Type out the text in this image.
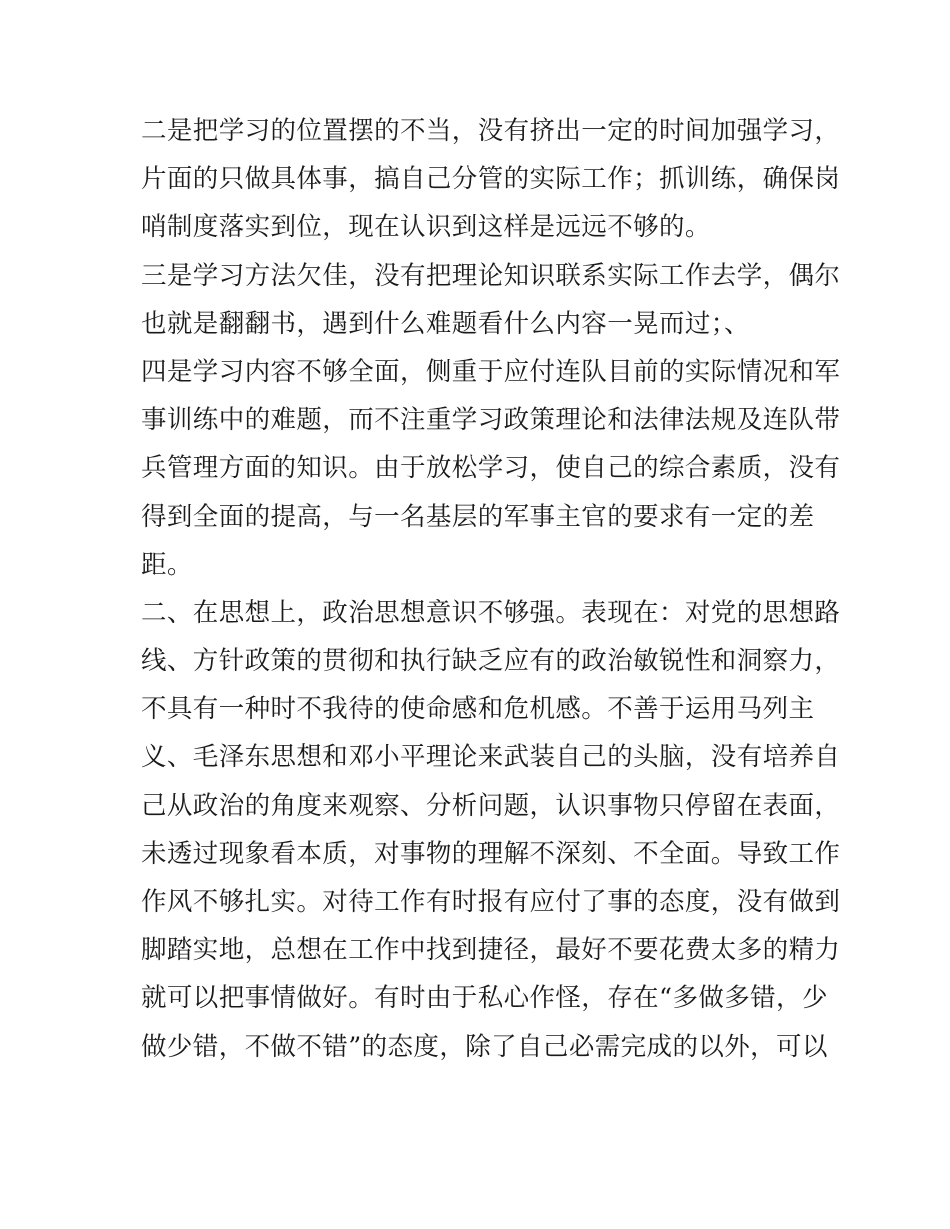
二是把学习的位置摆的不当，没有挤出一定的时间加强学习，
片面的只做具体事，搞自己分管的实际工作；抓训练，确保岗
哨制度落实到位，现在认识到这样是远远不够的。
三是学习方法欠佳，没有把理论知识联系实际工作去学，偶尔
也就是翻翻书，遇到什么难题看什么内容一晃而过；、
四是学习内容不够全面，侧重于应付连队目前的实际情况和军
事训练中的难题，而不注重学习政策理论和法律法规及连队带
兵管理方面的知识。由于放松学习，使自己的综合素质，没有
得到全面的提高，与一名基层的军事主官的要求有一定的差
距。
二、在思想上，政治思想意识不够强。表现在：对党的思想路
线、方针政策的贯彻和执行缺乏应有的政治敏锐性和洞察力，
不具有一种时不我待的使命感和危机感。不善于运用马列主
义、毛泽东思想和邓小平理论来武装自己的头脑，没有培养自
己从政治的角度来观察、分析问题，认识事物只停留在表面，
未透过现象看本质，对事物的理解不深刻、不全面。导致工作
作风不够扎实。对待工作有时报有应付了事的态度，没有做到
脚踏实地，总想在工作中找到捷径，最好不要花费太多的精力
就可以把事情做好。有时由于私心作怪，存在“多做多错，少
做少错，不做不错”的态度，除了自己必需完成的以外，可以
